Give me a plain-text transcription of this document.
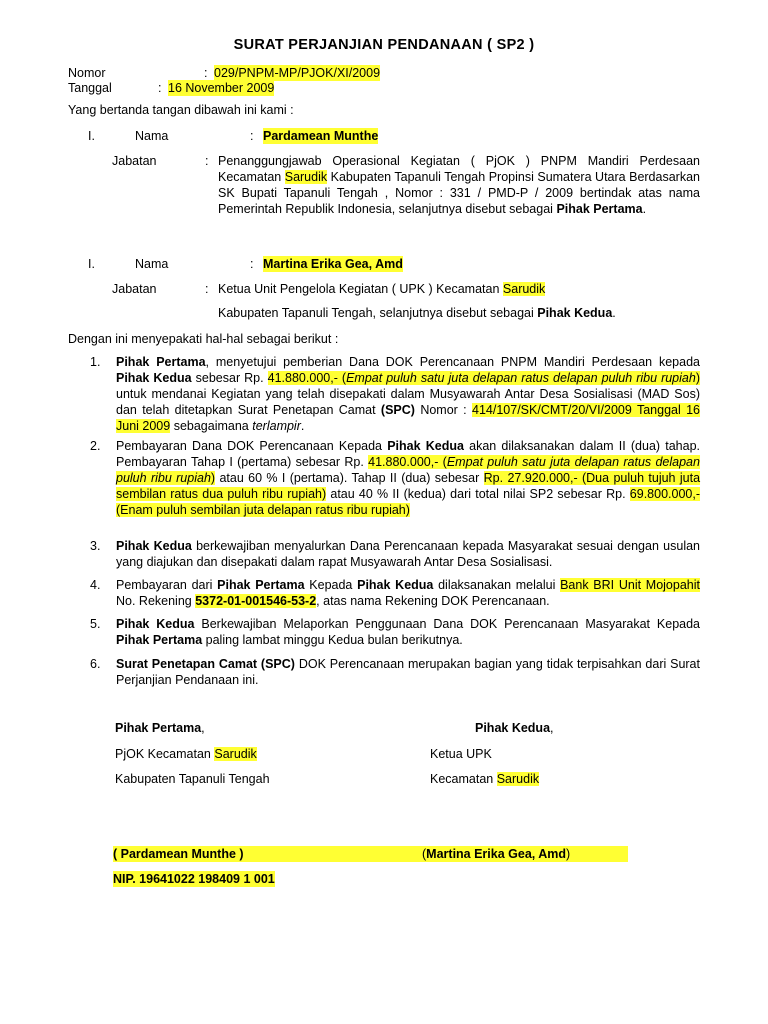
SURAT PERJANJIAN PENDANAAN ( SP2 )
Nomor	: 029/PNPM-MP/PJOK/XI/2009
Tanggal	: 16 November 2009
Yang bertanda tangan dibawah ini kami :
I.	Nama	: Pardamean Munthe
Jabatan	: Penanggungjawab Operasional Kegiatan ( PjOK ) PNPM Mandiri Perdesaan Kecamatan Sarudik Kabupaten Tapanuli Tengah Propinsi Sumatera Utara Berdasarkan SK Bupati Tapanuli Tengah , Nomor : 331 / PMD-P / 2009 bertindak atas nama Pemerintah Republik Indonesia, selanjutnya disebut sebagai Pihak Pertama.
I.	Nama	: Martina Erika Gea, Amd
Jabatan	: Ketua Unit Pengelola Kegiatan ( UPK ) Kecamatan Sarudik
Kabupaten Tapanuli Tengah, selanjutnya disebut sebagai Pihak Kedua.
Dengan ini menyepakati hal-hal sebagai berikut :
1. Pihak Pertama, menyetujui pemberian Dana DOK Perencanaan PNPM Mandiri Perdesaan kepada Pihak Kedua sebesar Rp. 41.880.000,- (Empat puluh satu juta delapan ratus delapan puluh ribu rupiah) untuk mendanai Kegiatan yang telah disepakati dalam Musyawarah Antar Desa Sosialisasi (MAD Sos) dan telah ditetapkan Surat Penetapan Camat (SPC) Nomor : 414/107/SK/CMT/20/VI/2009 Tanggal 16 Juni 2009 sebagaimana terlampir.
2. Pembayaran Dana DOK Perencanaan Kepada Pihak Kedua akan dilaksanakan dalam II (dua) tahap. Pembayaran Tahap I (pertama) sebesar Rp. 41.880.000,- (Empat puluh satu juta delapan ratus delapan puluh ribu rupiah) atau 60 % I (pertama). Tahap II (dua) sebesar Rp. 27.920.000,- (Dua puluh tujuh juta sembilan ratus dua puluh ribu rupiah) atau 40 % II (kedua) dari total nilai SP2 sebesar Rp. 69.800.000,- (Enam puluh sembilan juta delapan ratus ribu rupiah)
3. Pihak Kedua berkewajiban menyalurkan Dana Perencanaan kepada Masyarakat sesuai dengan usulan yang diajukan dan disepakati dalam rapat Musyawarah Antar Desa Sosialisasi.
4. Pembayaran dari Pihak Pertama Kepada Pihak Kedua dilaksanakan melalui Bank BRI Unit Mojopahit No. Rekening 5372-01-001546-53-2, atas nama Rekening DOK Perencanaan.
5. Pihak Kedua Berkewajiban Melaporkan Penggunaan Dana DOK Perencanaan Masyarakat Kepada Pihak Pertama paling lambat minggu Kedua bulan berikutnya.
6. Surat Penetapan Camat (SPC) DOK Perencanaan merupakan bagian yang tidak terpisahkan dari Surat Perjanjian Pendanaan ini.
Pihak Pertama,	Pihak Kedua,
PjOK Kecamatan Sarudik	Ketua UPK
Kabupaten Tapanuli Tengah	Kecamatan Sarudik
( Pardamean Munthe )	(Martina Erika Gea, Amd)
NIP. 19641022 198409 1 001
